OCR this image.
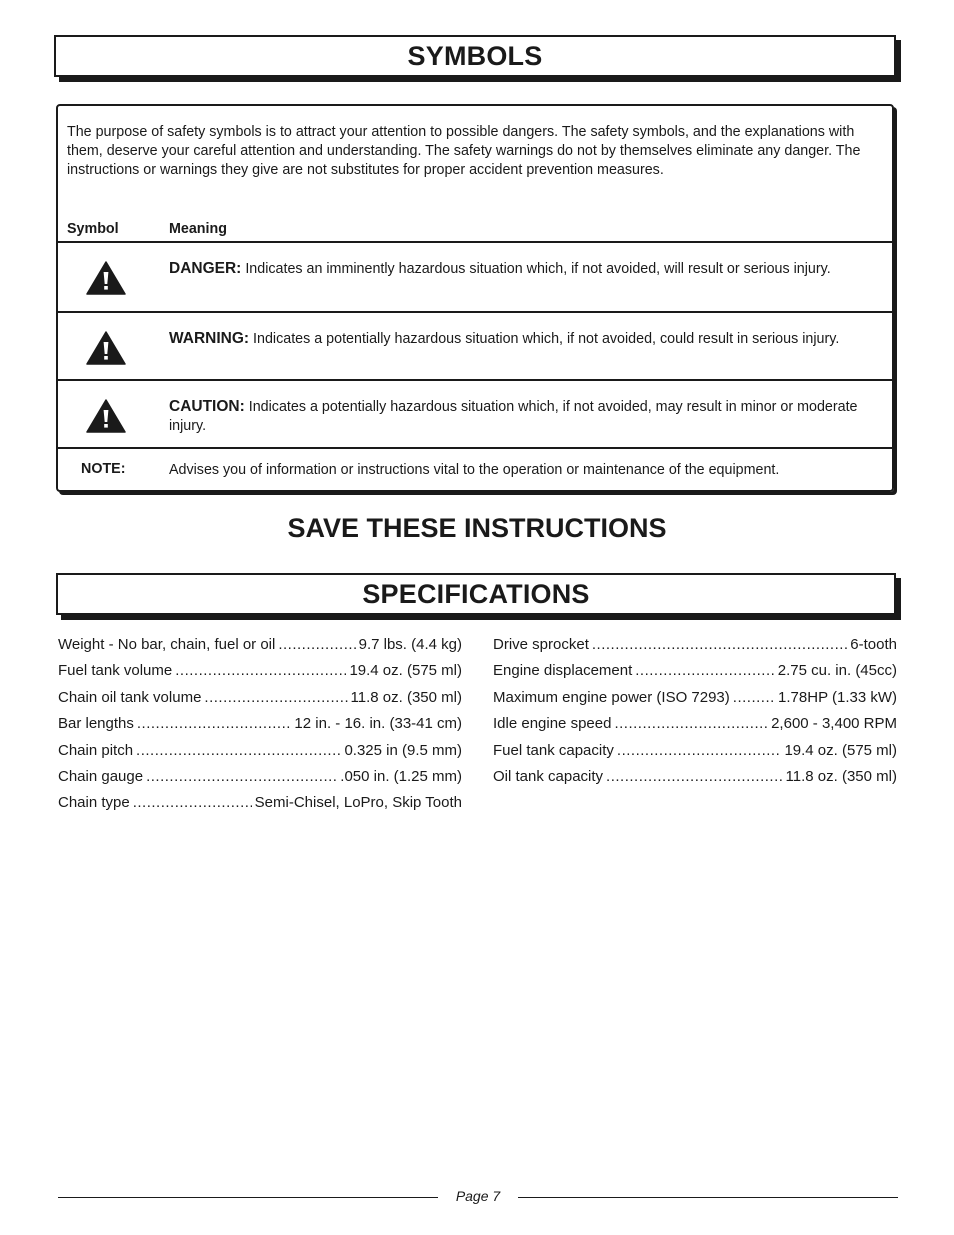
SYMBOLS

The purpose of safety symbols is to attract your attention to possible dangers. The safety symbols, and the explanations with them, deserve your careful attention and understanding. The safety warnings do not by themselves eliminate any danger. The instructions or warnings they give are not substitutes for proper accident prevention measures.

Symbol	Meaning
DANGER: Indicates an imminently hazardous situation which, if not avoided, will result or serious injury.
WARNING: Indicates a potentially hazardous situation which, if not avoided, could result in serious injury.
CAUTION: Indicates a potentially hazardous situation which, if not avoided, may result in minor or moderate injury.
NOTE:	Advises you of information or instructions vital to the operation or maintenance of the equipment.
SAVE THESE INSTRUCTIONS
SPECIFICATIONS
Weight - No bar, chain, fuel or oil .....	9.7 lbs. (4.4 kg)
Fuel tank volume .....	19.4 oz. (575 ml)
Chain oil tank volume .....	11.8 oz. (350 ml)
Bar lengths .....	12 in. - 16. in. (33-41 cm)
Chain pitch .....	0.325 in (9.5 mm)
Chain gauge .....	.050 in. (1.25 mm)
Chain type .....	Semi-Chisel, LoPro, Skip Tooth
Drive sprocket .....	6-tooth
Engine displacement .....	2.75 cu. in. (45cc)
Maximum engine power (ISO 7293) .....	1.78HP (1.33 kW)
Idle engine speed .....	2,600 - 3,400 RPM
Fuel tank capacity .....	19.4 oz. (575 ml)
Oil tank capacity .....	11.8 oz. (350 ml)
Page 7
